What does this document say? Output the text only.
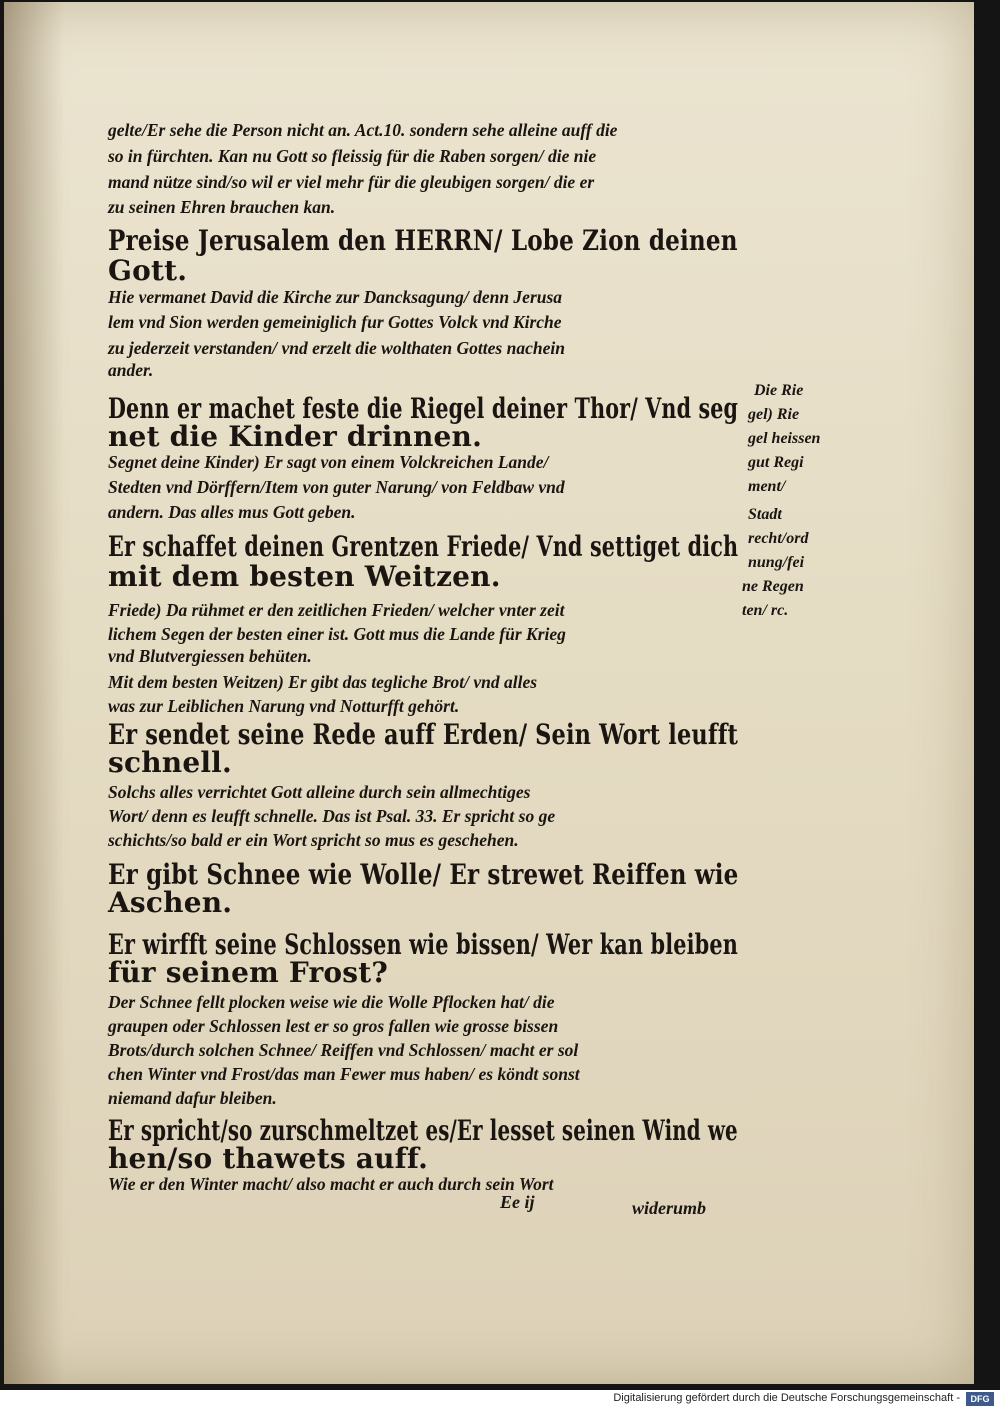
gelte/Er sehe die Person nicht an. Act.10. sondern sehe alleine auff die
so in fürchten. Kan nu Gott so fleissig für die Raben sorgen/ die nie
mand nütze sind/so wil er viel mehr für die gleubigen sorgen/ die er
zu seinen Ehren brauchen kan.
Preise Jerusalem den HERRN/ Lobe Zion deinen
Gott.
Hie vermanet David die Kirche zur Dancksagung/ denn Jerusa
lem vnd Sion werden gemeiniglich fur Gottes Volck vnd Kirche
zu jederzeit verstanden/ vnd erzelt die wolthaten Gottes nachein
ander.
Denn er machet feste die Riegel deiner Thor/ Vnd seg
net die Kinder drinnen.
Segnet deine Kinder) Er sagt von einem Volckreichen Lande/
Stedten vnd Dörffern/Item von guter Narung/ von Feldbaw vnd
andern. Das alles mus Gott geben.
Er schaffet deinen Grentzen Friede/ Vnd settiget dich
mit dem besten Weitzen.
Friede) Da rühmet er den zeitlichen Frieden/ welcher vnter zeit
lichem Segen der besten einer ist. Gott mus die Lande für Krieg
vnd Blutvergiessen behüten.
Mit dem besten Weitzen) Er gibt das tegliche Brot/ vnd alles
was zur Leiblichen Narung vnd Notturfft gehört.
Er sendet seine Rede auff Erden/ Sein Wort leufft
schnell.
Solchs alles verrichtet Gott alleine durch sein allmechtiges
Wort/ denn es leufft schnelle. Das ist Psal. 33. Er spricht so ge
schichts/so bald er ein Wort spricht so mus es geschehen.
Er gibt Schnee wie Wolle/ Er strewet Reiffen wie
Aschen.
Er wirfft seine Schlossen wie bissen/ Wer kan bleiben
für seinem Frost?
Der Schnee fellt plocken weise wie die Wolle Pflocken hat/ die
graupen oder Schlossen lest er so gros fallen wie grosse bissen
Brots/durch solchen Schnee/ Reiffen vnd Schlossen/ macht er sol
chen Winter vnd Frost/das man Fewer mus haben/ es köndt sonst
niemand dafur bleiben.
Er spricht/so zurschmeltzet es/Er lesset seinen Wind we
hen/so thawets auff.
Wie er den Winter macht/ also macht er auch durch sein Wort
Die Rie
gel) Rie
gel heissen
gut Regi
ment/
Stadt
recht/ord
nung/fei
ne Regen
ten/ rc.
Ee ij	widerumb
Digitalisierung gefördert durch die Deutsche Forschungsgemeinschaft -	DFG
